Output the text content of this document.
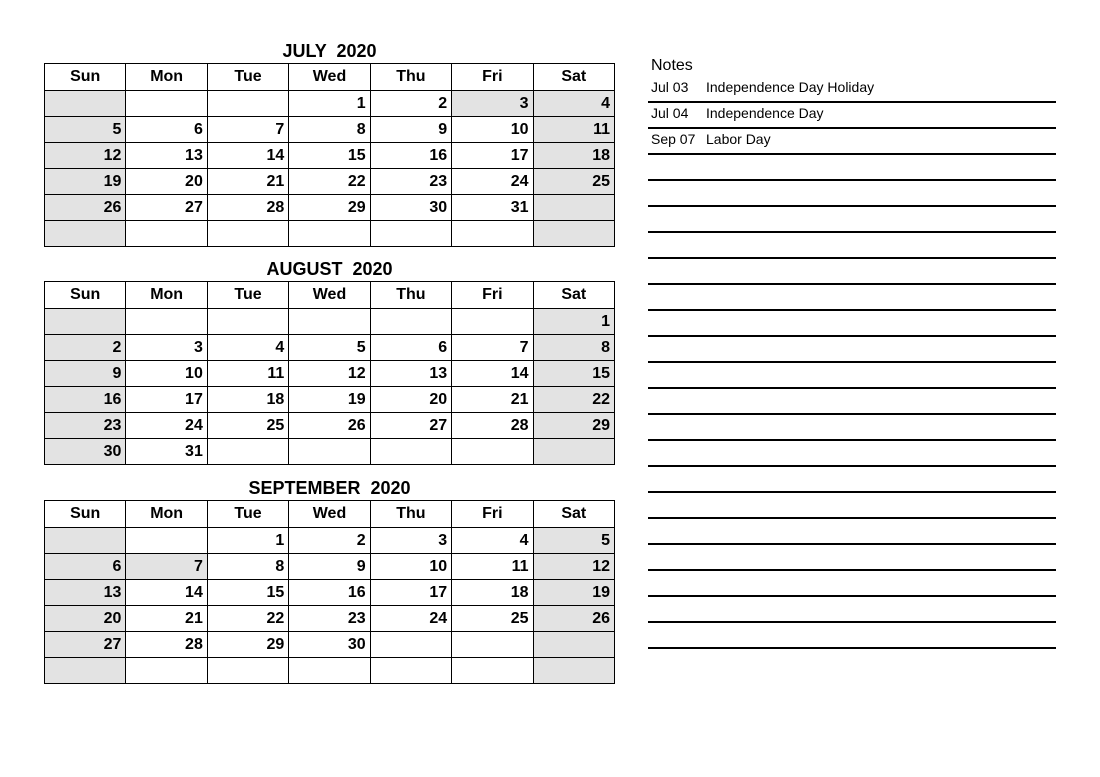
JULY  2020
Sun	Mon	Tue	Wed	Thu	Fri	Sat
			1	2	3	4
5	6	7	8	9	10	11
12	13	14	15	16	17	18
19	20	21	22	23	24	25
26	27	28	29	30	31	

AUGUST  2020
Sun	Mon	Tue	Wed	Thu	Fri	Sat
						1
2	3	4	5	6	7	8
9	10	11	12	13	14	15
16	17	18	19	20	21	22
23	24	25	26	27	28	29
30	31					
SEPTEMBER  2020
Sun	Mon	Tue	Wed	Thu	Fri	Sat
		1	2	3	4	5
6	7	8	9	10	11	12
13	14	15	16	17	18	19
20	21	22	23	24	25	26
27	28	29	30			

Notes
Jul 03 Independence Day Holiday
Jul 04 Independence Day
Sep 07 Labor Day
